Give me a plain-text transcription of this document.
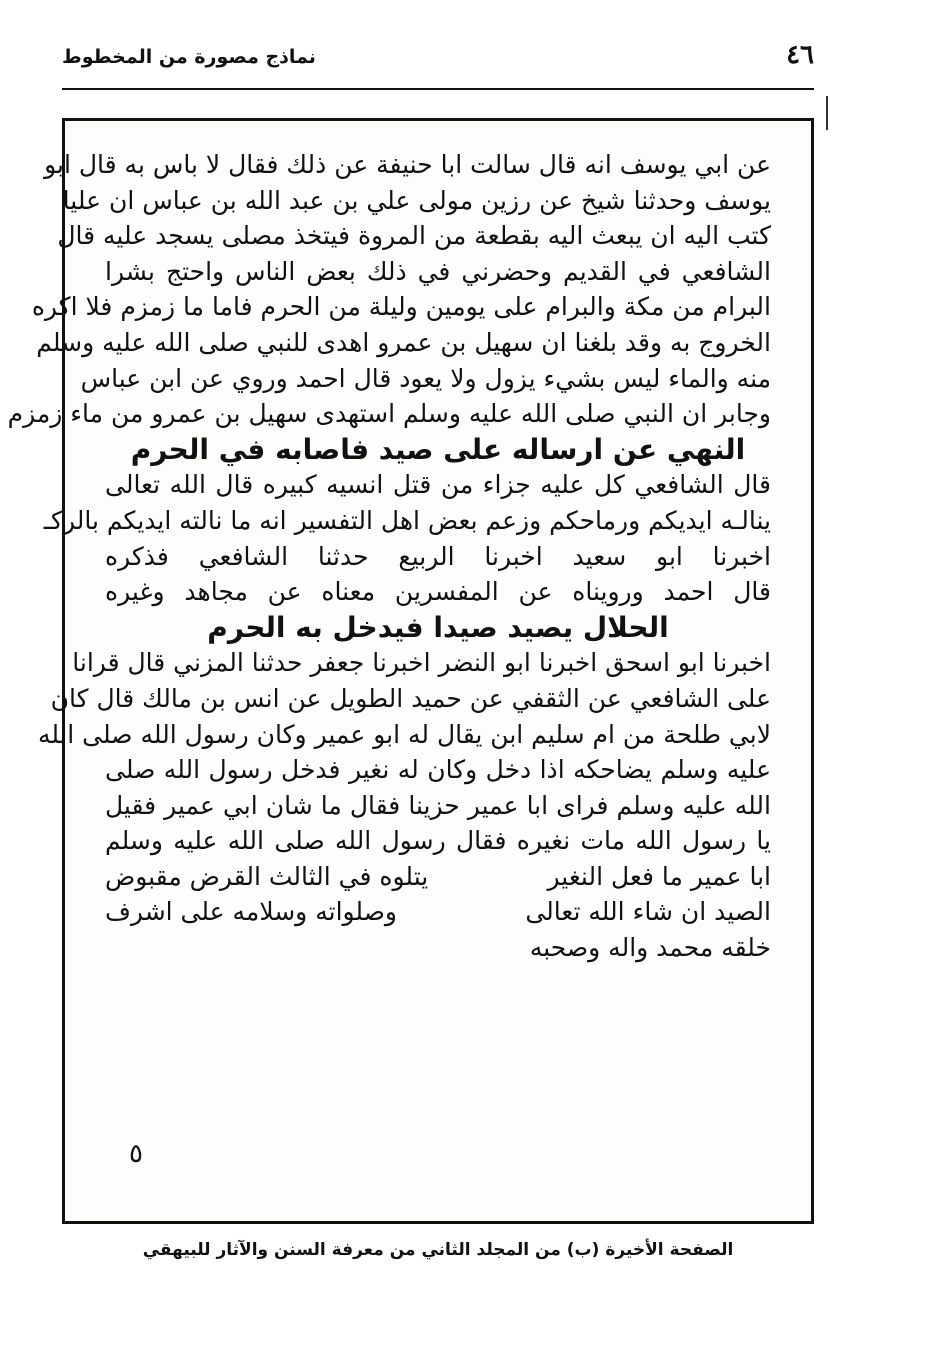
٤٦
نماذج مصورة من المخطوط
عن ابي يوسف انه قال سالت ابا حنيفة عن ذلك فقال لا باس به قال ابو
يوسف وحدثنا شيخ عن رزين مولى علي بن عبد الله بن عباس ان عليا
كتب اليه ان يبعث اليه بقطعة من المروة فيتخذ مصلى يسجد عليه قال
الشافعي في القديم وحضرني في ذلك بعض الناس واحتج بشرا
البرام من مكة والبرام على يومين وليلة من الحرم فاما ما زمزم فلا اكره
الخروج به وقد بلغنا ان سهيل بن عمرو اهدى للنبي صلى الله عليه وسلم
منه والماء ليس بشيء يزول ولا يعود قال احمد وروي عن ابن عباس
وجابر ان النبي صلى الله عليه وسلم استهدى سهيل بن عمرو من ماء زمزم
النهي عن ارساله على صيد فاصابه في الحرم
قال الشافعي كل عليه جزاء من قتل انسيه كبيره قال الله تعالى
ينالـه ايديكم ورماحكم وزعم بعض اهل التفسير انه ما نالته ايديكم بالركـ
اخبرنا ابو سعيد اخبرنا الربيع حدثنا الشافعي فذكره
قال احمد ورويناه عن المفسرين معناه عن مجاهد وغيره
الحلال يصيد صيدا فيدخل به الحرم
اخبرنا ابو اسحق اخبرنا ابو النضر اخبرنا جعفر حدثنا المزني قال قرانا
على الشافعي عن الثقفي عن حميد الطويل عن انس بن مالك قال كان
لابي طلحة من ام سليم ابن يقال له ابو عمير وكان رسول الله صلى الله
عليه وسلم يضاحكه اذا دخل وكان له نغير فدخل رسول الله صلى
الله عليه وسلم فراى ابا عمير حزينا فقال ما شان ابي عمير فقيل
يا رسول الله مات نغيره فقال رسول الله صلى الله عليه وسلم
ابا عمير ما فعل النغير
يتلوه في الثالث القرض مقبوض
الصيد ان شاء الله تعالى
وصلواته وسلامه على اشرف
خلقه محمد واله وصحبه
٥
الصفحة الأخيرة (ب) من المجلد الثاني من معرفة السنن والآثار للبيهقي
